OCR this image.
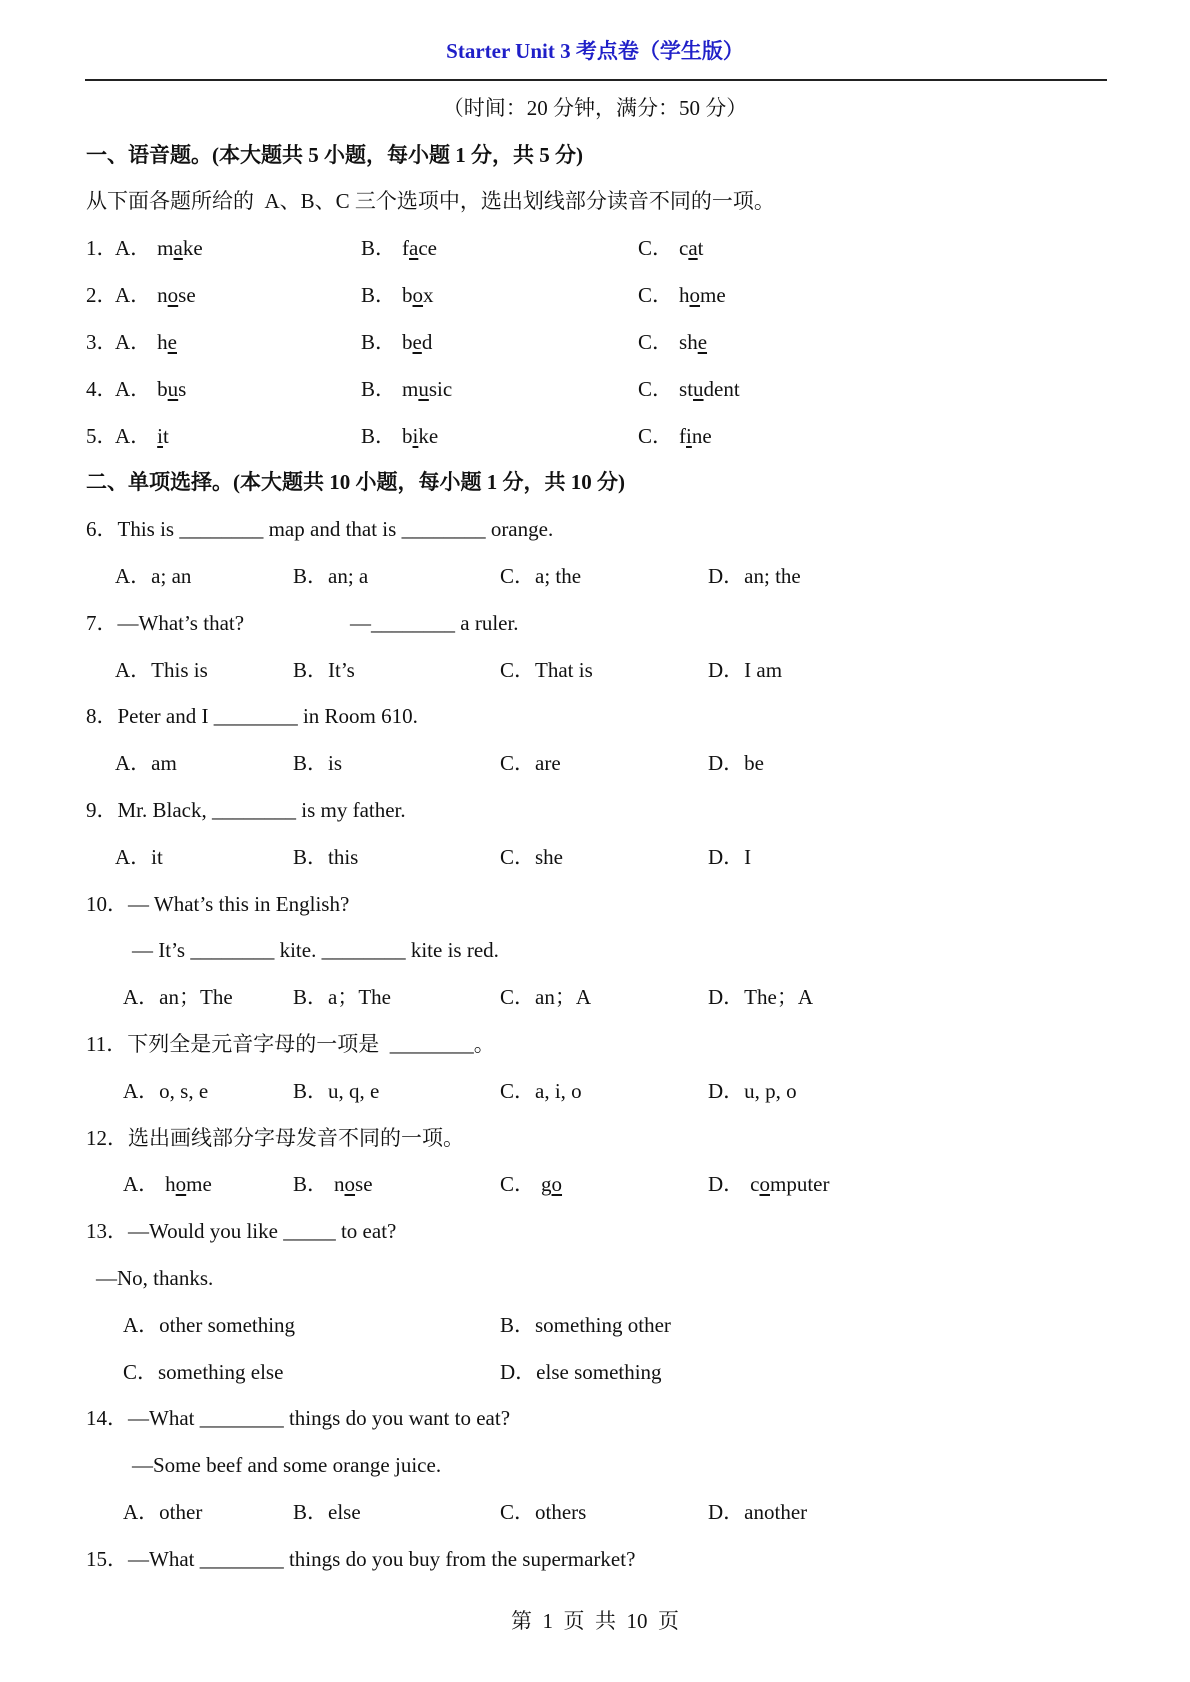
Starter Unit 3 考点卷（学生版）
（时间：20 分钟，满分：50 分）
一、语音题。(本大题共 5 小题，每小题 1 分，共 5 分)
从下面各题所给的  A、B、C 三个选项中，选出划线部分读音不同的一项。
1．
A． make	B． face	C． cat
2．
A． nose	B． box	C． home
3．
A． he	B． bed	C． she
4．
A． bus	B． music	C． student
5．
A． it	B． bike	C． fine
二、单项选择。(本大题共 10 小题，每小题 1 分，共 10 分)
6．This is ________ map and that is ________ orange.
A．a; an	B．an; a	C．a; the	D．an; the
7．—What’s that?	—________ a ruler.
A．This is	B．It’s	C．That is	D．I am
8．Peter and I ________ in Room 610.
A．am	B．is	C．are	D．be
9．Mr. Black, ________ is my father.
A．it	B．this	C．she	D．I
10．— What’s this in English?
— It’s ________ kite. ________ kite is red.
A．an；The	B．a；The	C．an；A	D．The；A
11．下列全是元音字母的一项是  ________。
A．o, s, e	B．u, q, e	C．a, i, o	D．u, p, o
12．选出画线部分字母发音不同的一项。
A． home	B． nose	C． go	D． computer
13．—Would you like _____ to eat?
—No, thanks.
A．other something	B．something other
C．something else	D．else something
14．—What ________ things do you want to eat?
—Some beef and some orange juice.
A．other	B．else	C．others	D．another
15．—What ________ things do you buy from the supermarket?
第  1  页  共  10  页
